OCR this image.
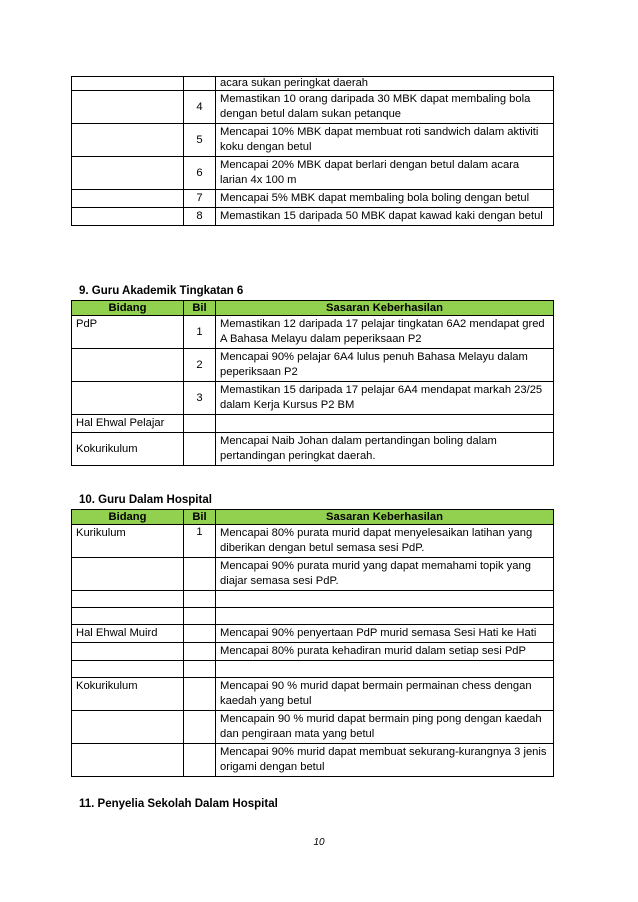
		acara sukan peringkat daerah
	4	Memastikan 10 orang daripada 30 MBK dapat membaling bola dengan betul dalam sukan petanque
	5	Mencapai 10% MBK dapat membuat roti sandwich dalam aktiviti koku dengan betul
	6	Mencapai 20% MBK dapat berlari dengan betul dalam acara larian 4x 100 m
	7	Mencapai 5% MBK dapat membaling bola boling dengan betul
	8	Memastikan 15 daripada 50 MBK dapat kawad kaki dengan betul
9. Guru Akademik Tingkatan 6
Bidang	Bil	Sasaran Keberhasilan
PdP	1	Memastikan 12 daripada 17 pelajar tingkatan 6A2 mendapat gred A Bahasa Melayu dalam peperiksaan P2
	2	Mencapai 90% pelajar 6A4 lulus penuh Bahasa Melayu dalam peperiksaan P2
	3	Memastikan 15 daripada 17 pelajar 6A4 mendapat markah 23/25 dalam Kerja Kursus P2 BM
Hal Ehwal Pelajar		
Kokurikulum		Mencapai Naib Johan dalam pertandingan boling dalam pertandingan peringkat daerah.
10. Guru Dalam Hospital
Bidang	Bil	Sasaran Keberhasilan
Kurikulum	1	Mencapai 80% purata murid dapat menyelesaikan latihan yang diberikan dengan betul semasa sesi PdP.
		Mencapai 90% purata murid yang dapat memahami topik yang diajar semasa sesi PdP.

Hal Ehwal Muird		Mencapai 90% penyertaan PdP murid semasa Sesi Hati ke Hati
		Mencapai 80% purata kehadiran murid dalam setiap sesi PdP

Kokurikulum		Mencapai 90 % murid dapat bermain permainan chess dengan kaedah yang betul
		Mencapain 90 % murid dapat bermain ping pong dengan kaedah dan pengiraan mata yang betul
		Mencapai 90% murid dapat membuat sekurang-kurangnya 3 jenis origami dengan betul
11. Penyelia Sekolah Dalam Hospital
10
